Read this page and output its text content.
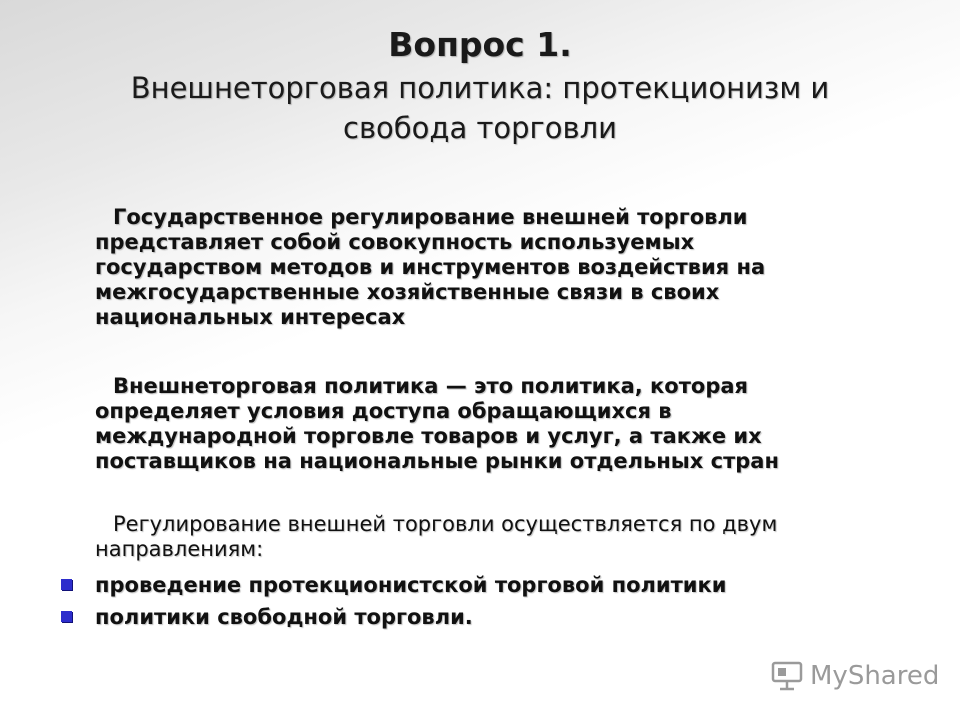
Вопрос 1.
Внешнеторговая политика: протекционизм и
свобода торговли
Государственное регулирование внешней торговли
представляет собой совокупность используемых
государством методов и инструментов воздействия на
межгосударственные хозяйственные связи в своих
национальных интересах
Внешнеторговая политика — это политика, которая
определяет условия доступа обращающихся в
международной торговле товаров и услуг, а также их
поставщиков на национальные рынки отдельных стран
Регулирование внешней торговли осуществляется по двум
направлениям:
проведение протекционистской торговой политики
политики свободной торговли.
MyShared
